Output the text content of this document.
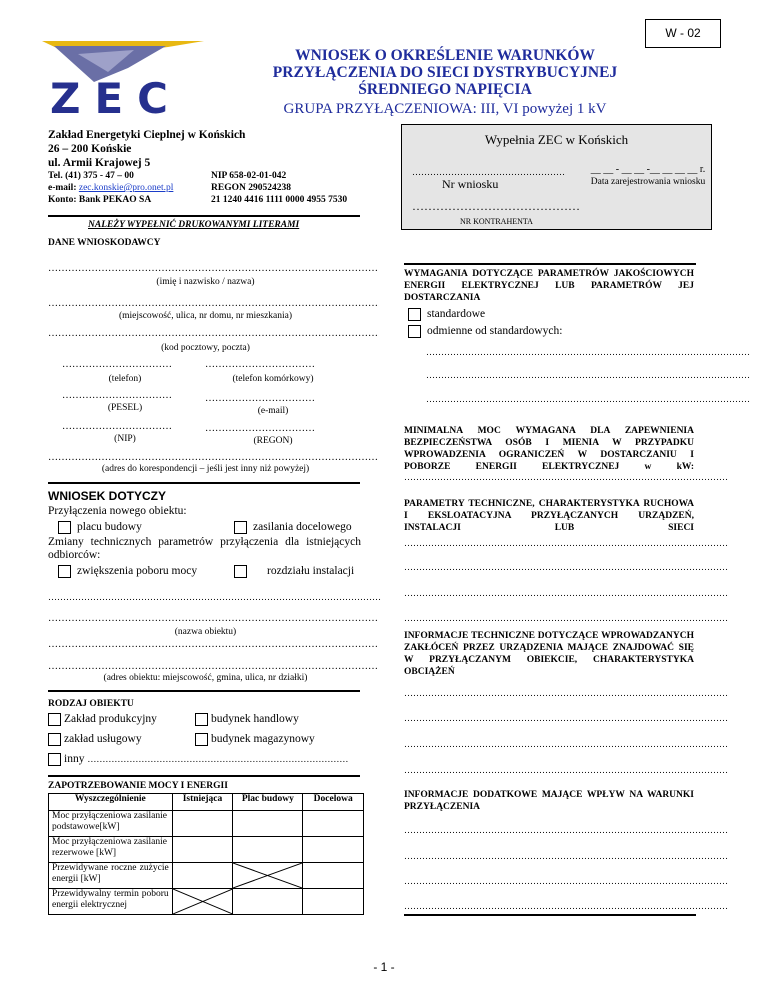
W - 02
ZEC
WNIOSEK O OKREŚLENIE WARUNKÓW
PRZYŁĄCZENIA DO SIECI DYSTRYBUCYJNEJ
ŚREDNIEGO NAPIĘCIA
GRUPA PRZYŁĄCZENIOWA: III, VI powyżej 1 kV
Zakład Energetyki Cieplnej w Końskich
26 – 200 Końskie
ul. Armii Krajowej 5
Tel. (41) 375 - 47 – 00
e-mail: zec.konskie@pro.onet.pl
Konto: Bank PEKAO SA
NIP 658-02-01-042
REGON 290524238
21 1240 4416 1111 0000 4955 7530
Wypełnia ZEC w Końskich
……………………………………………
Nr wniosku
__ __ - __ __ -__ __ __ __ r.
Data zarejestrowania wniosku
……………………………………
NR KONTRAHENTA
NALEŻY WYPEŁNIĆ DRUKOWANYMI LITERAMI
DANE WNIOSKODAWCY
………………………………………………………………………………………
(imię i nazwisko / nazwa)
………………………………………………………………………………………
(miejscowość, ulica, nr domu, nr mieszkania)
………………………………………………………………………………………
(kod pocztowy, poczta)
……………………………
(telefon)
……………………………
(telefon komórkowy)
……………………………
(PESEL)
……………………………
(e-mail)
……………………………
(NIP)
……………………………
(REGON)
………………………………………………………………………………………
(adres do korespondencji – jeśli jest inny niż powyżej)
WNIOSEK DOTYCZY
Przyłączenia nowego obiektu:
placu budowy	zasilania docelowego
Zmiany technicznych parametrów przyłączenia dla istniejących odbiorców:
zwiększenia poboru mocy	rozdziału instalacji
…………………………………………………………………………………………………
………………………………………………………………………………………
(nazwa obiektu)
………………………………………………………………………………………
………………………………………………………………………………………
(adres obiektu: miejscowość, gmina, ulica, nr działki)
RODZAJ OBIEKTU
Zakład produkcyjny	budynek handlowy
zakład usługowy	budynek magazynowy
inny ……………………………………………………………………………
ZAPOTRZEBOWANIE MOCY I ENERGII
Wyszczególnienie	Istniejąca	Plac budowy	Docelowa
Moc przyłączeniowa zasilanie podstawowe[kW]			
Moc przyłączeniowa zasilanie rezerwowe [kW]			
Przewidywane roczne zużycie energii [kW]		

Przewidywalny termin poboru energii elektrycznej	

WYMAGANIA DOTYCZĄCE PARAMETRÓW JAKOŚCIOWYCH ENERGII ELEKTRYCZNEJ LUB PARAMETRÓW JEJ DOSTARCZANIA
standardowe
odmienne od standardowych:
………………………………………………………………………………………………
………………………………………………………………………………………………
………………………………………………………………………………………………
MINIMALNA MOC WYMAGANA DLA ZAPEWNIENIA BEZPIECZEŃSTWA OSÓB I MIENIA W PRZYPADKU WPROWADZENIA OGRANICZEŃ W DOSTARCZANIU I POBORZE ENERGII ELEKTRYCZNEJ w kW:
………………………………………………………………………………………………
PARAMETRY TECHNICZNE, CHARAKTERYSTYKA RUCHOWA I EKSLOATACYJNA PRZYŁĄCZANYCH URZĄDZEŃ, INSTALACJI LUB SIECI
………………………………………………………………………………………………
………………………………………………………………………………………………
………………………………………………………………………………………………
………………………………………………………………………………………………
INFORMACJE TECHNICZNE DOTYCZĄCE WPROWADZANYCH ZAKŁÓCEŃ PRZEZ URZĄDZENIA MAJĄCE ZNAJDOWAĆ SIĘ W PRZYŁĄCZANYM OBIEKCIE, CHARAKTERYSTYKA OBCIĄŻEŃ
………………………………………………………………………………………………
………………………………………………………………………………………………
………………………………………………………………………………………………
………………………………………………………………………………………………
INFORMACJE DODATKOWE MAJĄCE WPŁYW NA WARUNKI PRZYŁĄCZENIA
………………………………………………………………………………………………
………………………………………………………………………………………………
………………………………………………………………………………………………
………………………………………………………………………………………………
- 1 -
